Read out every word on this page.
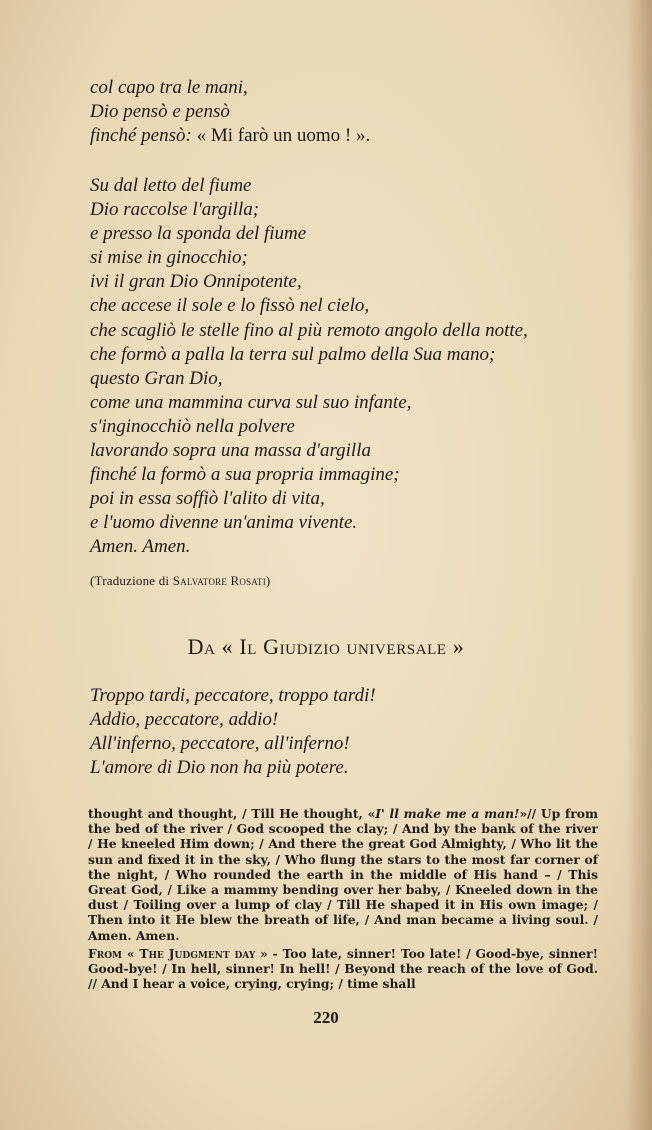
col capo tra le mani,

Dio pensò e pensò

finché pensò: « Mi farò un uomo ! ».

Su dal letto del fiume

Dio raccolse l'argilla;

e presso la sponda del fiume

si mise in ginocchio;

ivi il gran Dio Onnipotente,

che accese il sole e lo fissò nel cielo,

che scagliò le stelle fino al più remoto angolo della notte,

che formò a palla la terra sul palmo della Sua mano;

questo Gran Dio,

come una mammina curva sul suo infante,

s'inginocchiò nella polvere

lavorando sopra una massa d'argilla

finché la formò a sua propria immagine;

poi in essa soffiò l'alito di vita,

e l'uomo divenne un'anima vivente.

Amen. Amen.

(Traduzione di Salvatore Rosati)
Da « Il Giudizio universale »

Troppo tardi, peccatore, troppo tardi!

Addio, peccatore, addio!

All'inferno, peccatore, all'inferno!

L'amore di Dio non ha più potere.

thought and thought, / Till He thought, «I' ll make me a man!»// Up from the bed of the river / God scooped the clay; / And by the bank of the river / He kneeled Him down; / And there the great God Almighty, / Who lit the sun and fixed it in the sky, / Who flung the stars to the most far corner of the night, / Who rounded the earth in the middle of His hand – / This Great God, / Like a mammy bending over her baby, / Kneeled down in the dust / Toiling over a lump of clay / Till He shaped it in His own image; / Then into it He blew the breath of life, / And man became a living soul. / Amen. Amen.

From « The Judgment day » - Too late, sinner! Too late! / Good-bye, sinner! Good-bye! / In hell, sinner! In hell! / Beyond the reach of the love of God. // And I hear a voice, crying, crying; / time shall

220
